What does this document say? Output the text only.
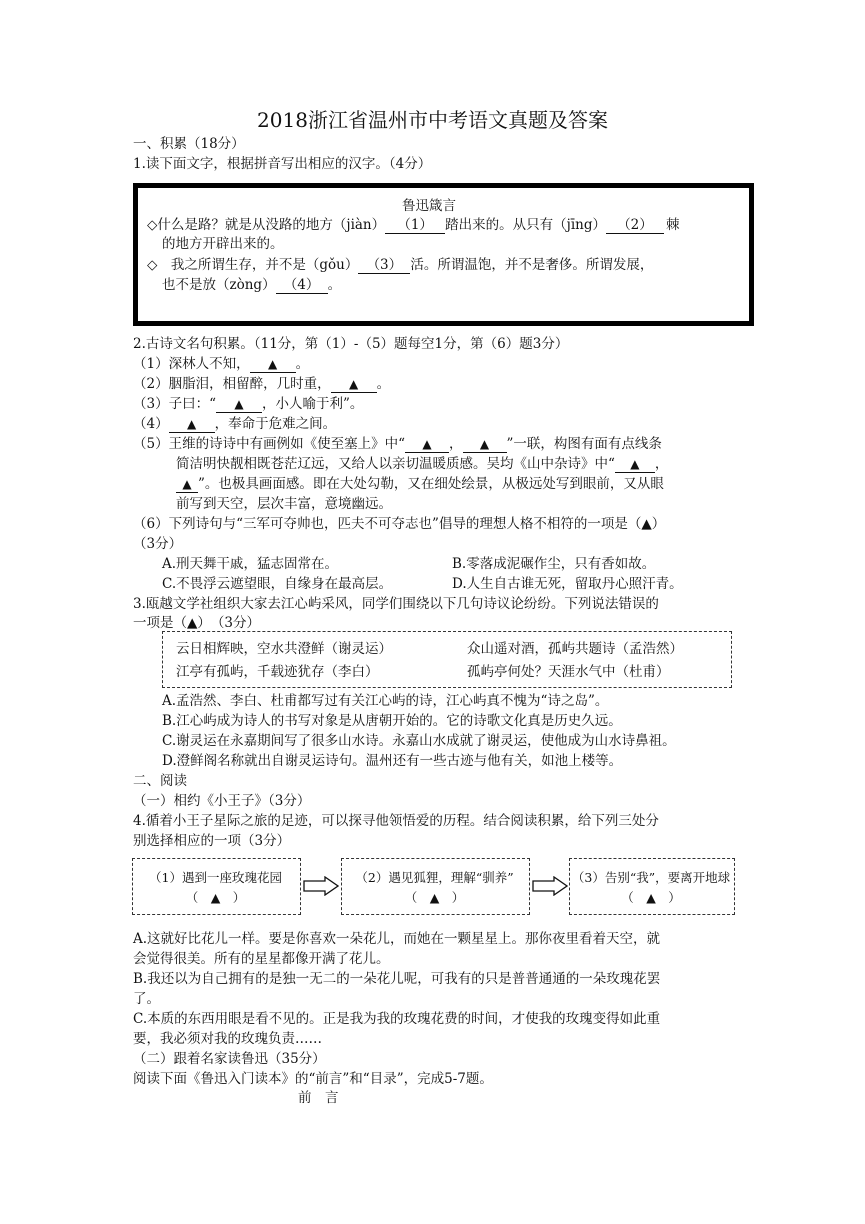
2018浙江省温州市中考语文真题及答案
一、积累（18分）
1.读下面文字，根据拼音写出相应的汉字。（4分）
鲁迅箴言
◇什么是路？就是从没路的地方（jiàn） （1） 踏出来的。从只有（jīng） （2） 棘
的地方开辟出来的。
◇　我之所谓生存，并不是（gǒu） （3） 活。所谓温饱，并不是奢侈。所谓发展，
也不是放（zòng） （4） 。
2.古诗文名句积累。（11分，第（1）-（5）题每空1分，第（6）题3分）
（1）深林人不知， ▲ 。
（2）胭脂泪，相留醉，几时重， ▲ 。
（3）子曰：“ ▲ ，小人喻于利”。
（4） ▲ ，奉命于危难之间。
（5）王维的诗诗中有画例如《使至塞上》中“ ▲ ， ▲ ”一联，构图有面有点线条
简洁明快靓相既苍茫辽远，又给人以亲切温暖质感。吴均《山中杂诗》中“ ▲ ，
▲ ”。也极具画面感。即在大处勾勒，又在细处绘景，从极远处写到眼前，又从眼
前写到天空，层次丰富，意境幽远。
（6）下列诗句与“三军可夺帅也，匹夫不可夺志也”倡导的理想人格不相符的一项是（▲）
（3分）
A.刑天舞干戚，猛志固常在。	B.零落成泥碾作尘，只有香如故。
C.不畏浮云遮望眼，自缘身在最高层。	D.人生自古谁无死，留取丹心照汗青。
3.瓯越文学社组织大家去江心屿采风，同学们围绕以下几句诗议论纷纷。下列说法错误的
一项是（▲）　（3分）
云日相辉映，空水共澄鲜（谢灵运）	众山遥对酒，孤屿共题诗（孟浩然）
江亭有孤屿，千载迹犹存（李白）	孤屿亭何处？天涯水气中（杜甫）
A.孟浩然、李白、杜甫都写过有关江心屿的诗，江心屿真不愧为“诗之岛”。
B.江心屿成为诗人的书写对象是从唐朝开始的。它的诗歌文化真是历史久远。
C.谢灵运在永嘉期间写了很多山水诗。永嘉山水成就了谢灵运，使他成为山水诗鼻祖。
D.澄鲜阁名称就出自谢灵运诗句。温州还有一些古迹与他有关，如池上楼等。
二、阅读
（一）相约《小王子》（3分）
4.循着小王子星际之旅的足迹，可以探寻他领悟爱的历程。结合阅读积累，给下列三处分
别选择相应的一项（3分）
（1）遇到一座玫瑰花园
（　▲　）
（2）遇见狐狸，理解“驯养”
（　▲　）
（3）告别“我”，要离开地球
（　▲　）
A.这就好比花儿一样。要是你喜欢一朵花儿，而她在一颗星星上。那你夜里看着天空，就
会觉得很美。所有的星星都像开满了花儿。
B.我还以为自己拥有的是独一无二的一朵花儿呢，可我有的只是普普通通的一朵玫瑰花罢
了。
C.本质的东西用眼是看不见的。正是我为我的玫瑰花费的时间，才使我的玫瑰变得如此重
要，我必须对我的玫瑰负责……
（二）跟着名家读鲁迅（35分）
阅读下面《鲁迅入门读本》的“前言”和“目录”，完成5-7题。
前　言
